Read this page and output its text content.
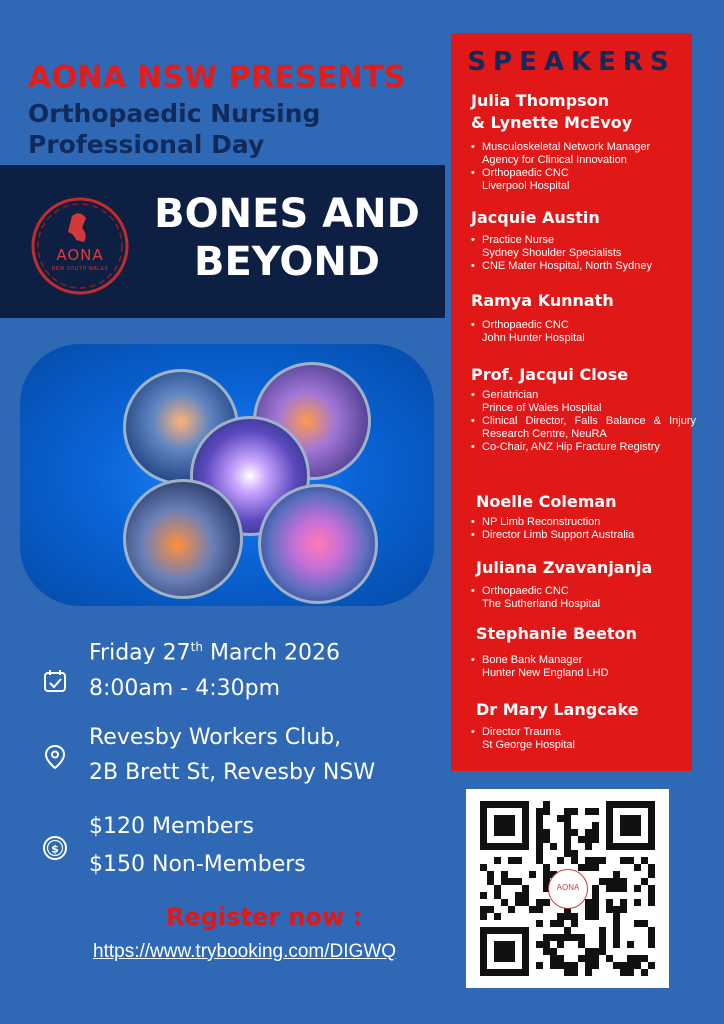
AONA NSW PRESENTS
Orthopaedic Nursing
Professional Day
AONA
NEW SOUTH WALES
BONES AND
BEYOND
SPEAKERS
Julia Thompson
& Lynette McEvoy
• Musculoskeletal Network Manager
Agency for Clinical Innovation
• Orthopaedic CNC
Liverpool Hospital
Jacquie Austin
• Practice Nurse
Sydney Shoulder Specialists
• CNE Mater Hospital, North Sydney
Ramya Kunnath
• Orthopaedic CNC
John Hunter Hospital
Prof. Jacqui Close
• Geriatrician
Prince of Wales Hospital
• Clinical Director, Falls Balance & Injury Research Centre, NeuRA
• Co-Chair, ANZ Hip Fracture Registry
Noelle Coleman
• NP Limb Reconstruction
• Director Limb Support Australia
Juliana Zvavanjanja
• Orthopaedic CNC
The Sutherland Hospital
Stephanie Beeton
• Bone Bank Manager
Hunter New England LHD
Dr Mary Langcake
• Director Trauma
St George Hospital
Friday 27th March 2026
8:00am - 4:30pm
Revesby Workers Club,
2B Brett St, Revesby NSW
$
$120 Members
$150 Non-Members
Register now :
https://www.trybooking.com/DIGWQ
AONA
